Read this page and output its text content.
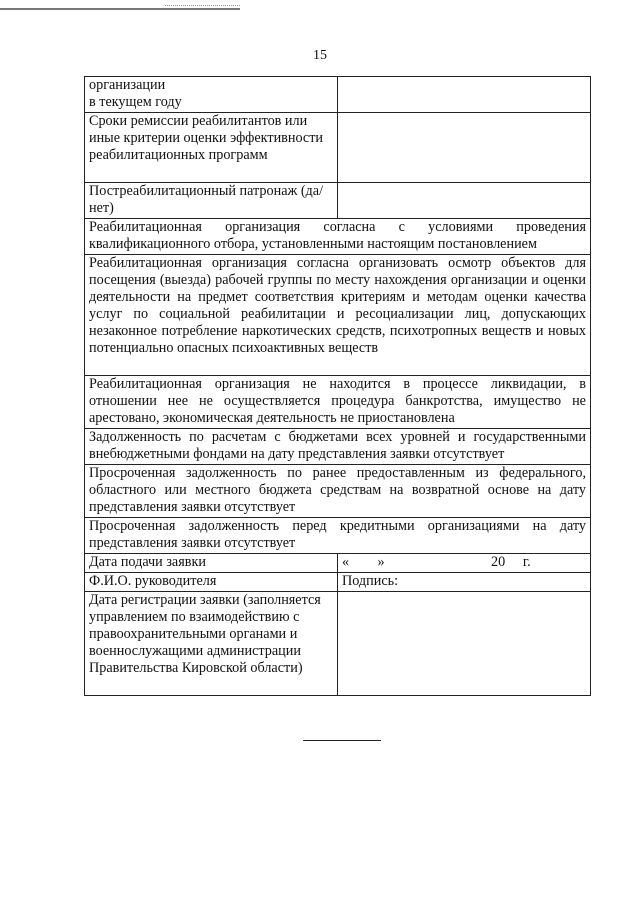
15
организации
в текущем году	
Сроки ремиссии реабилитантов или иные критерии оценки эффективности реабилитационных программ	
Постреабилитационный патронаж (да/нет)	
Реабилитационная организация согласна с условиями проведения квалификационного отбора, установленными настоящим постановлением	
Реабилитационная организация согласна организовать осмотр объектов для посещения (выезда) рабочей группы по месту нахождения организации и оценки деятельности на предмет соответствия критериям и методам оценки качества услуг по социальной реабилитации и ресоциализации лиц, допускающих незаконное потребление наркотических средств, психотропных веществ и новых потенциально опасных психоактивных веществ	
Реабилитационная организация не находится в процессе ликвидации, в отношении нее не осуществляется процедура банкротства, имущество не арестовано, экономическая деятельность не приостановлена	
Задолженность по расчетам с бюджетами всех уровней и государственными внебюджетными фондами на дату представления заявки отсутствует	
Просроченная задолженность по ранее предоставленным из федерального, областного или местного бюджета средствам на возвратной основе на дату представления заявки отсутствует	
Просроченная задолженность перед кредитными организациями на дату представления заявки отсутствует	
Дата подачи заявки	«        »                              20     г.
Ф.И.О. руководителя	Подпись:
Дата регистрации заявки (заполняется управлением по взаимодействию с правоохранительными органами и военнослужащими администрации Правительства Кировской области)	
